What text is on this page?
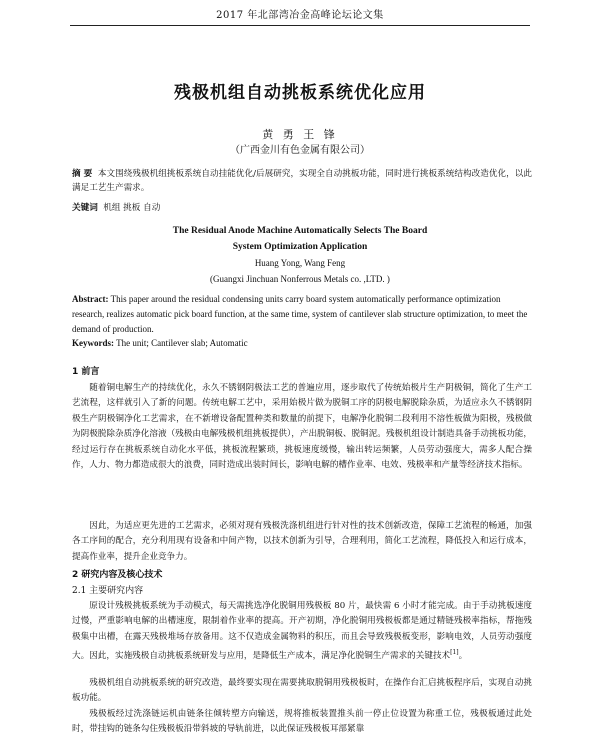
2017 年北部湾冶金高峰论坛论文集
残极机组自动挑板系统优化应用
黄 勇 王 锋
（广西金川有色金属有限公司）
摘 要 本文围绕残极机组挑板系统自动挂能优化/后展研究，实现全自动挑板功能，同时进行挑板系统结构改造优化，以此满足工艺生产需求。
关键词 机组 挑板 自动
The Residual Anode Machine Automatically Selects The Board
System Optimization Application
Huang Yong, Wang Feng
(Guangxi Jinchuan Nonferrous Metals co. ,LTD. )
Abstract: This paper around the residual condensing units carry board system automatically performance optimization research, realizes automatic pick board function, at the same time, system of cantilever slab structure optimization, to meet the demand of production.
Keywords: The unit; Cantilever slab; Automatic
1 前言
随着铜电解生产的持续优化，永久不锈钢阴极法工艺的普遍应用，逐步取代了传统始极片生产阴极铜，简化了生产工艺流程，这样就引入了新的问题。传统电解工艺中，采用始极片做为脱铜工序的阴极电解脱除杂质，为适应永久不锈钢阴极生产阴极铜净化工艺需求，在不新增设备配置种类和数量的前提下，电解净化脱铜二段利用不溶性板做为阳极，残极做为阴极脱除杂质净化溶液（残极由电解残极机组挑板提供），产出脱铜板、脱铜泥。残极机组设计制造具备手动挑板功能，经过运行存在挑板系统自动化水平低，挑板流程繁琐，挑板速度缓慢，输出转运频繁，人员劳动强度大，需多人配合操作，人力、物力都造成很大的浪费，同时造成出装时间长，影响电解的槽作业率、电效、残极率和产量等经济技术指标。
因此，为适应更先进的工艺需求，必须对现有残极洗涤机组进行针对性的技术创新改造，保障工艺流程的畅通，加强各工序间的配合，充分利用现有设备和中间产物，以技术创新为引导，合理利用，简化工艺流程，降低投入和运行成本，提高作业率，提升企业竞争力。
2 研究内容及核心技术
2.1 主要研究内容
原设计残极挑板系统为手动模式，每天需挑选净化脱铜用残极板 80 片，最快需 6 小时才能完成。由于手动挑板速度过慢，严重影响电解的出槽速度，限制着作业率的提高。开产初期，净化脱铜用残极板都是通过精链残极率指标，帮拖残极集中出槽，在露天残极堆场存放备用。这不仅造成金属物料的积压，而且会导致残极板变形，影响电效，人员劳动强度大。因此，实施残极自动挑板系统研发与应用，是降低生产成本，满足净化脱铜生产需求的关键技术[1]。
残极机组自动挑板系统的研究改造，最终要实现在需要挑取脱铜用残极板时，在操作台汇启挑板程序后，实现自动挑板功能。
残极板经过洗涤链运机由链条往倾转塑方向输送，规将推板装置推头前一停止位设置为称重工位，残极板通过此处时，带挂钩的链条勾住残极板沿带斜坡的导轨前进，以此保证残极板耳部紧靠
